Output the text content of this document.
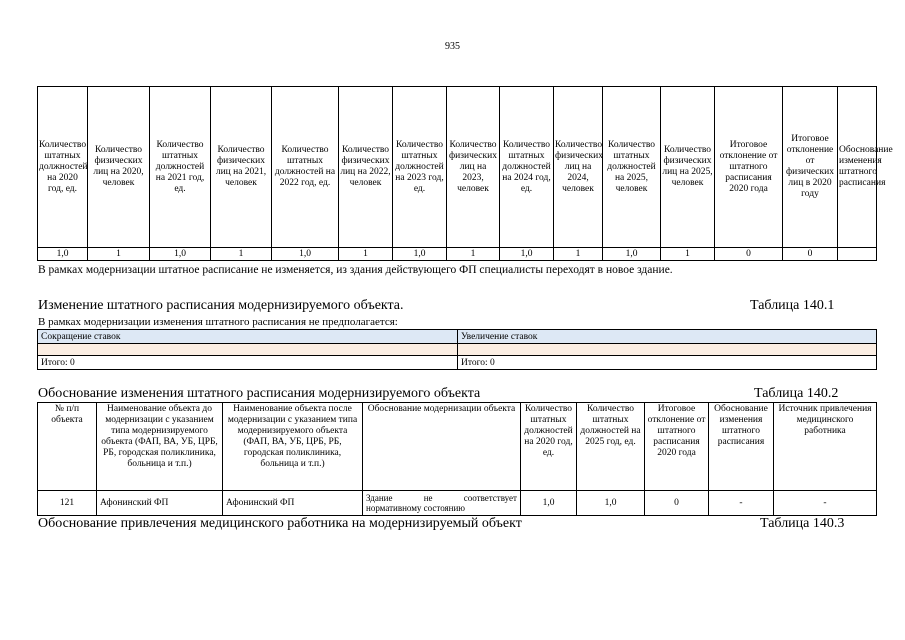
935
Количество штатных должностей на 2020 год, ед.	Количество физических лиц на 2020, человек	Количество штатных должностей на 2021 год, ед.	Количество физических лиц на 2021, человек	Количество штатных должностей на 2022 год, ед.	Количество физических лиц на 2022, человек	Количество штатных должностей на 2023 год, ед.	Количество физических лиц на 2023, человек	Количество штатных должностей на 2024 год, ед.	Количество физических лиц на 2024, человек	Количество штатных должностей на 2025, человек	Количество физических лиц на 2025, человек	Итоговое отклонение от штатного расписания 2020 года	Итоговое отклонение от физических лиц в 2020 году	Обоснование изменения штатного расписания
1,0	1	1,0	1	1,0	1	1,0	1	1,0	1	1,0	1	0	0	
В рамках модернизации штатное расписание не изменяется, из здания действующего ФП специалисты переходят в новое здание.
Изменение штатного расписания модернизируемого объекта.	Таблица 140.1
В рамках модернизации изменения штатного расписания не предполагается:
Сокращение ставок	Увеличение ставок

Итого: 0	Итого: 0
Обоснование изменения штатного расписания модернизируемого объекта	Таблица 140.2
№ п/п объекта	Наименование объекта до модернизации с указанием типа модернизируемого объекта (ФАП, ВА, УБ, ЦРБ, РБ, городская поликлиника, больница и т.п.)	Наименование объекта после модернизации с указанием типа модернизируемого объекта (ФАП, ВА, УБ, ЦРБ, РБ, городская поликлиника, больница и т.п.)	Обоснование модернизации объекта	Количество штатных должностей на 2020 год, ед.	Количество штатных должностей на 2025 год, ед.	Итоговое отклонение от штатного расписания 2020 года	Обоснование изменения штатного расписания	Источник привлечения медицинского работника
121	Афонинский ФП	Афонинский ФП	Здание не соответствует
нормативному состоянию	1,0	1,0	0	-	-
Обоснование привлечения медицинского работника на модернизируемый объект	Таблица 140.3
